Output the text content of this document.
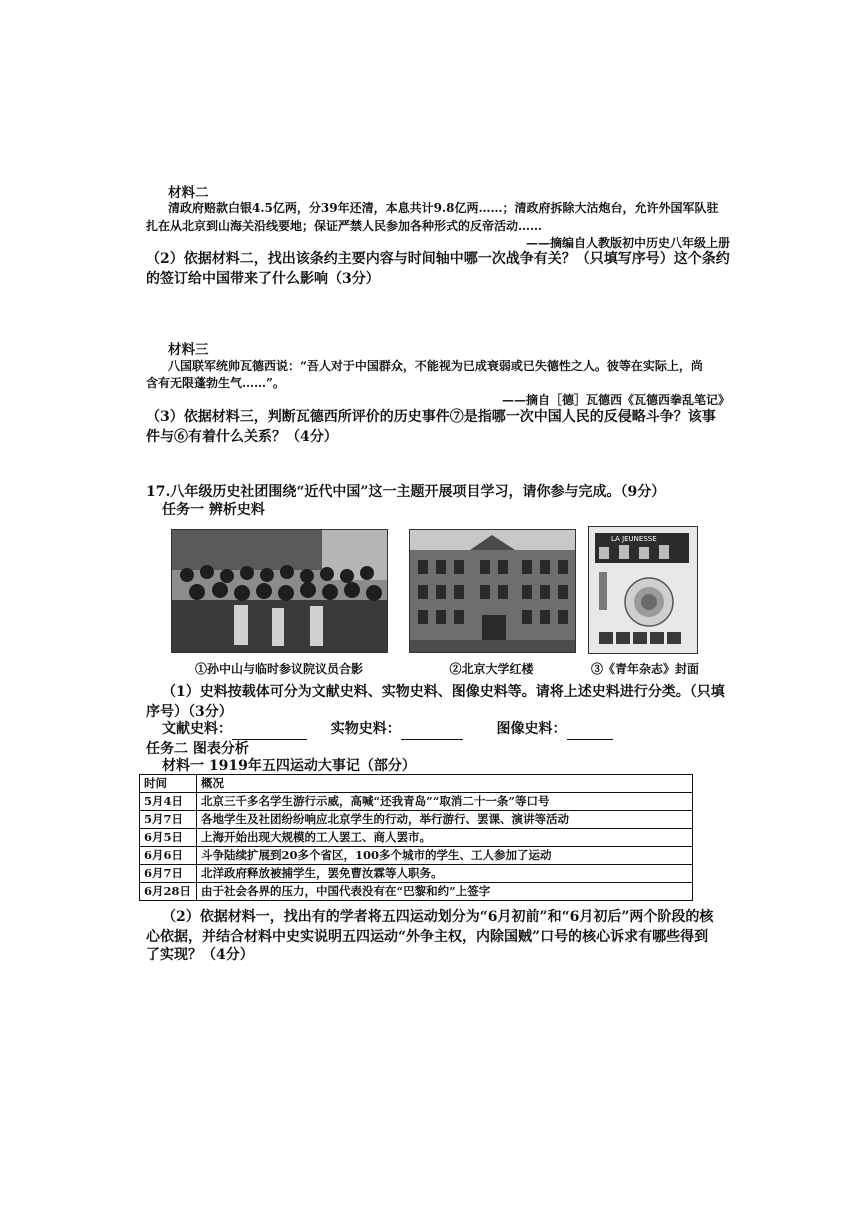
材料二
清政府赔款白银4.5亿两，分39年还清，本息共计9.8亿两……；清政府拆除大沽炮台，允许外国军队驻
扎在从北京到山海关沿线要地；保证严禁人民参加各种形式的反帝活动……
——摘编自人教版初中历史八年级上册
（2）依据材料二，找出该条约主要内容与时间轴中哪一次战争有关？（只填写序号）这个条约
的签订给中国带来了什么影响（3分）
材料三
八国联军统帅瓦德西说：“吾人对于中国群众，不能视为已成衰弱或已失德性之人。彼等在实际上，尚
含有无限蓬勃生气……”。
——摘自［德］瓦德西《瓦德西拳乱笔记》
（3）依据材料三，判断瓦德西所评价的历史事件⑦是指哪一次中国人民的反侵略斗争？该事
件与⑥有着什么关系？（4分）
17.八年级历史社团围绕“近代中国”这一主题开展项目学习，请你参与完成。（9分）
任务一 辨析史料
①孙中山与临时参议院议员合影	②北京大学红楼
LA JEUNESSE
③《青年杂志》封面
（1）史料按载体可分为文献史料、实物史料、图像史料等。请将上述史料进行分类。（只填
序号）（3分）
文献史料：	实物史料：	图像史料：
任务二 图表分析
材料一 1919年五四运动大事记（部分）
时间	概况
5月4日	北京三千多名学生游行示威，高喊“还我青岛”“取消二十一条”等口号
5月7日	各地学生及社团纷纷响应北京学生的行动，举行游行、罢课、演讲等活动
6月5日	上海开始出现大规模的工人罢工、商人罢市。
6月6日	斗争陆续扩展到20多个省区，100多个城市的学生、工人参加了运动
6月7日	北洋政府释放被捕学生，罢免曹汝霖等人职务。
6月28日	由于社会各界的压力，中国代表没有在“巴黎和约”上签字
（2）依据材料一，找出有的学者将五四运动划分为“6月初前”和“6月初后”两个阶段的核
心依据，并结合材料中史实说明五四运动“外争主权，内除国贼”口号的核心诉求有哪些得到
了实现？（4分）
